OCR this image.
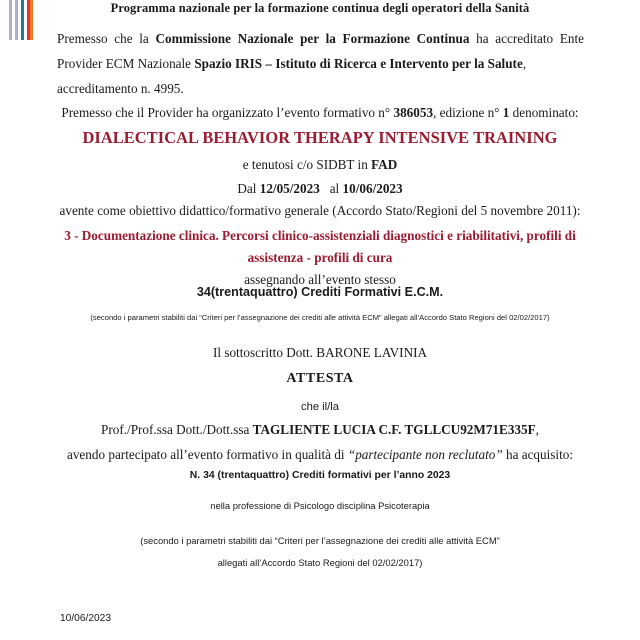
Programma nazionale per la formazione continua degli operatori della Sanità
Premesso che la Commissione Nazionale per la Formazione Continua ha accreditato Ente Provider ECM Nazionale Spazio IRIS – Istituto di Ricerca e Intervento per la Salute,
accreditamento n. 4995.
Premesso che il Provider ha organizzato l’evento formativo n° 386053, edizione n° 1 denominato:
DIALECTICAL BEHAVIOR THERAPY INTENSIVE TRAINING
e tenutosi c/o SIDBT in FAD
Dal 12/05/2023 al 10/06/2023
avente come obiettivo didattico/formativo generale (Accordo Stato/Regioni del 5 novembre 2011):
3 - Documentazione clinica. Percorsi clinico-assistenziali diagnostici e riabilitativi, profili di
assistenza - profili di cura
assegnando all’evento stesso
34(trentaquattro) Crediti Formativi E.C.M.
(secondo i parametri stabiliti dai “Criteri per l’assegnazione dei crediti alle attività ECM” allegati all’Accordo Stato Regioni del 02/02/2017)
Il sottoscritto Dott. BARONE LAVINIA
ATTESTA
che il/la
Prof./Prof.ssa Dott./Dott.ssa TAGLIENTE LUCIA C.F. TGLLCU92M71E335F,
avendo partecipato all’evento formativo in qualità di “partecipante non reclutato” ha acquisito:
N. 34 (trentaquattro) Crediti formativi per l’anno 2023
nella professione di Psicologo disciplina Psicoterapia
(secondo i parametri stabiliti dai “Criteri per l’assegnazione dei crediti alle attività ECM”
allegati all’Accordo Stato Regioni del 02/02/2017)
10/06/2023
